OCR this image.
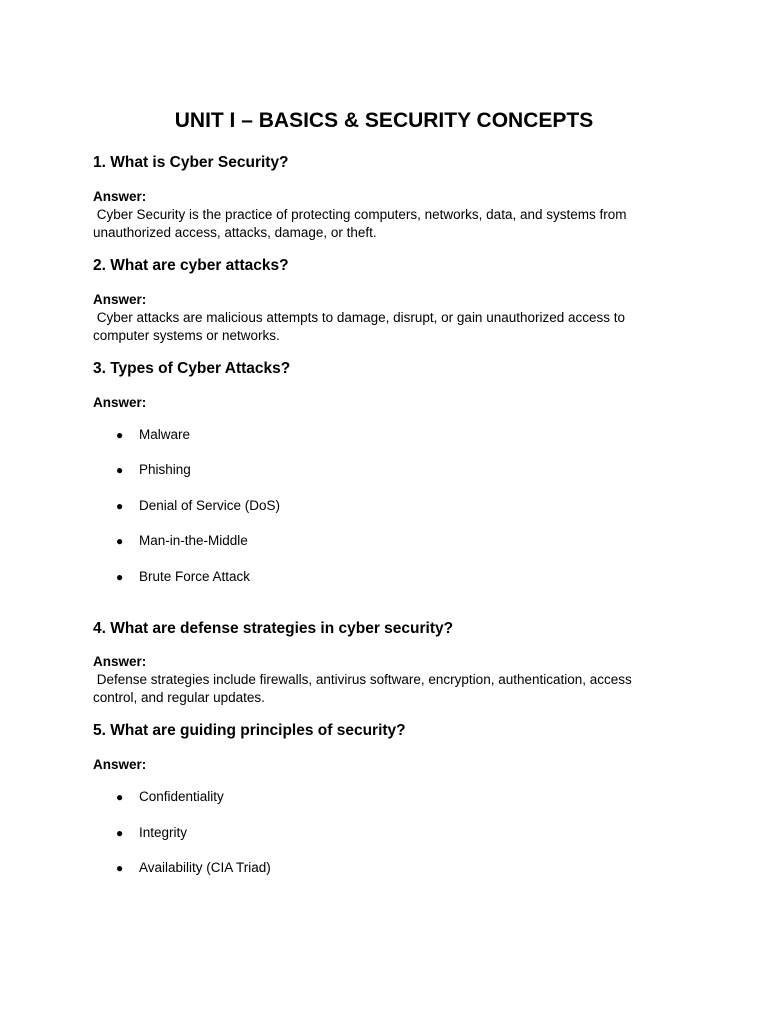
UNIT I – BASICS & SECURITY CONCEPTS
1. What is Cyber Security?

Answer:

Cyber Security is the practice of protecting computers, networks, data, and systems from

unauthorized access, attacks, damage, or theft.

2. What are cyber attacks?

Answer:

Cyber attacks are malicious attempts to damage, disrupt, or gain unauthorized access to

computer systems or networks.

3. Types of Cyber Attacks?

Answer:

● Malware

● Phishing

● Denial of Service (DoS)

● Man-in-the-Middle

● Brute Force Attack

4. What are defense strategies in cyber security?

Answer:

Defense strategies include firewalls, antivirus software, encryption, authentication, access

control, and regular updates.

5. What are guiding principles of security?

Answer:

● Confidentiality

● Integrity

● Availability (CIA Triad)
